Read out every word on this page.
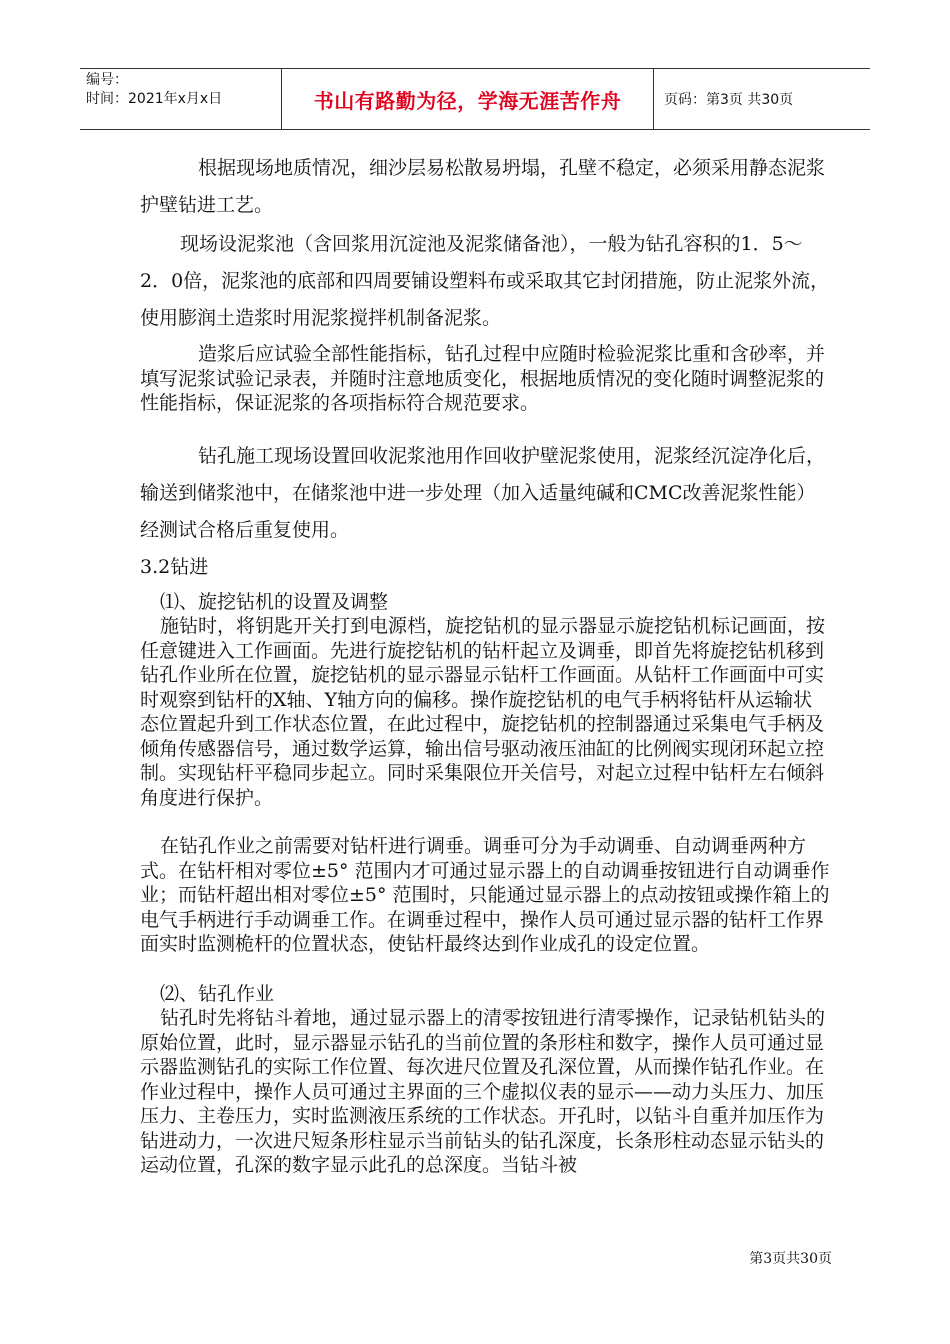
编号：
时间：2021年x月x日	书山有路勤为径，学海无涯苦作舟	页码：第3页 共30页

根据现场地质情况，细沙层易松散易坍塌，孔壁不稳定，必须采用静态泥浆护壁钻进工艺。

现场设泥浆池（含回浆用沉淀池及泥浆储备池），一般为钻孔容积的1．5～2．0倍，泥浆池的底部和四周要铺设塑料布或采取其它封闭措施，防止泥浆外流，使用膨润土造浆时用泥浆搅拌机制备泥浆。

造浆后应试验全部性能指标，钻孔过程中应随时检验泥浆比重和含砂率，并填写泥浆试验记录表，并随时注意地质变化，根据地质情况的变化随时调整泥浆的性能指标，保证泥浆的各项指标符合规范要求。

钻孔施工现场设置回收泥浆池用作回收护壁泥浆使用，泥浆经沉淀净化后，输送到储浆池中，在储浆池中进一步处理（加入适量纯碱和CMC改善泥浆性能）经测试合格后重复使用。

3.2钻进

⑴、旋挖钻机的设置及调整

施钻时，将钥匙开关打到电源档，旋挖钻机的显示器显示旋挖钻机标记画面，按任意键进入工作画面。先进行旋挖钻机的钻杆起立及调垂，即首先将旋挖钻机移到钻孔作业所在位置，旋挖钻机的显示器显示钻杆工作画面。从钻杆工作画面中可实时观察到钻杆的X轴、Y轴方向的偏移。操作旋挖钻机的电气手柄将钻杆从运输状态位置起升到工作状态位置，在此过程中，旋挖钻机的控制器通过采集电气手柄及倾角传感器信号，通过数学运算，输出信号驱动液压油缸的比例阀实现闭环起立控制。实现钻杆平稳同步起立。同时采集限位开关信号，对起立过程中钻杆左右倾斜角度进行保护。

在钻孔作业之前需要对钻杆进行调垂。调垂可分为手动调垂、自动调垂两种方式。在钻杆相对零位±5° 范围内才可通过显示器上的自动调垂按钮进行自动调垂作业；而钻杆超出相对零位±5° 范围时，只能通过显示器上的点动按钮或操作箱上的电气手柄进行手动调垂工作。在调垂过程中，操作人员可通过显示器的钻杆工作界面实时监测桅杆的位置状态，使钻杆最终达到作业成孔的设定位置。

⑵、钻孔作业

钻孔时先将钻斗着地，通过显示器上的清零按钮进行清零操作，记录钻机钻头的原始位置，此时，显示器显示钻孔的当前位置的条形柱和数字，操作人员可通过显示器监测钻孔的实际工作位置、每次进尺位置及孔深位置，从而操作钻孔作业。在作业过程中，操作人员可通过主界面的三个虚拟仪表的显示——动力头压力、加压压力、主卷压力，实时监测液压系统的工作状态。开孔时，以钻斗自重并加压作为钻进动力，一次进尺短条形柱显示当前钻头的钻孔深度，长条形柱动态显示钻头的运动位置，孔深的数字显示此孔的总深度。当钻斗被

第3页共30页
